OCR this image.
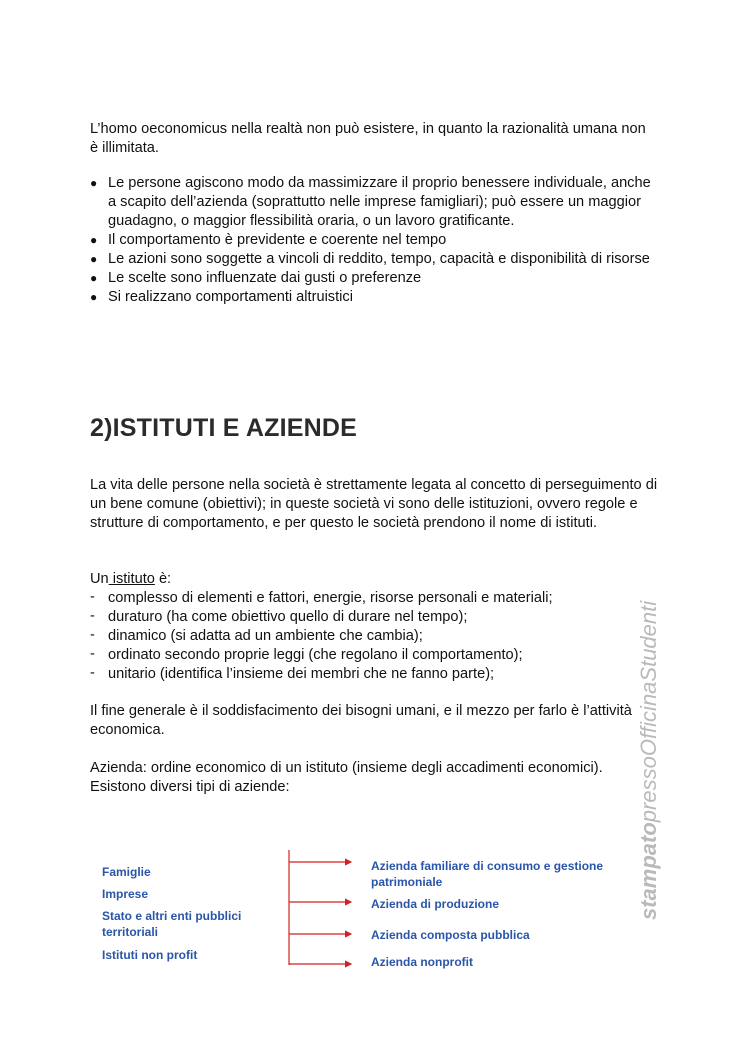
L’homo oeconomicus nella realtà non può esistere, in quanto la razionalità umana non è illimitata.

● Le persone agiscono modo da massimizzare il proprio benessere individuale, anche a scapito dell’azienda (soprattutto nelle imprese famigliari); può essere un maggior guadagno, o maggior flessibilità oraria, o un lavoro gratificante.
● Il comportamento è previdente e coerente nel tempo
● Le azioni sono soggette a vincoli di reddito, tempo, capacità e disponibilità di risorse
● Le scelte sono influenzate dai gusti o preferenze
● Si realizzano comportamenti altruistici
2)ISTITUTI E AZIENDE

La vita delle persone nella società è strettamente legata al concetto di perseguimento di un bene comune (obiettivi); in queste società vi sono delle istituzioni, ovvero regole e strutture di comportamento, e per questo le società prendono il nome di istituti.

Un istituto è:

- complesso di elementi e fattori, energie, risorse personali e materiali;
- duraturo (ha come obiettivo quello di durare nel tempo);
- dinamico (si adatta ad un ambiente che cambia);
- ordinato secondo proprie leggi (che regolano il comportamento);
- unitario (identifica l’insieme dei membri che ne fanno parte);

Il fine generale è il soddisfacimento dei bisogni umani, e il mezzo per farlo è l’attività economica.

Azienda: ordine economico di un istituto (insieme degli accadimenti economici). Esistono diversi tipi di aziende:

Famiglie
Imprese
Stato e altri enti pubblici territoriali
Istituti non profit
Azienda familiare di consumo e gestione patrimoniale
Azienda di produzione
Azienda composta pubblica
Azienda nonprofit
stampatopressoOfficinaStudenti
